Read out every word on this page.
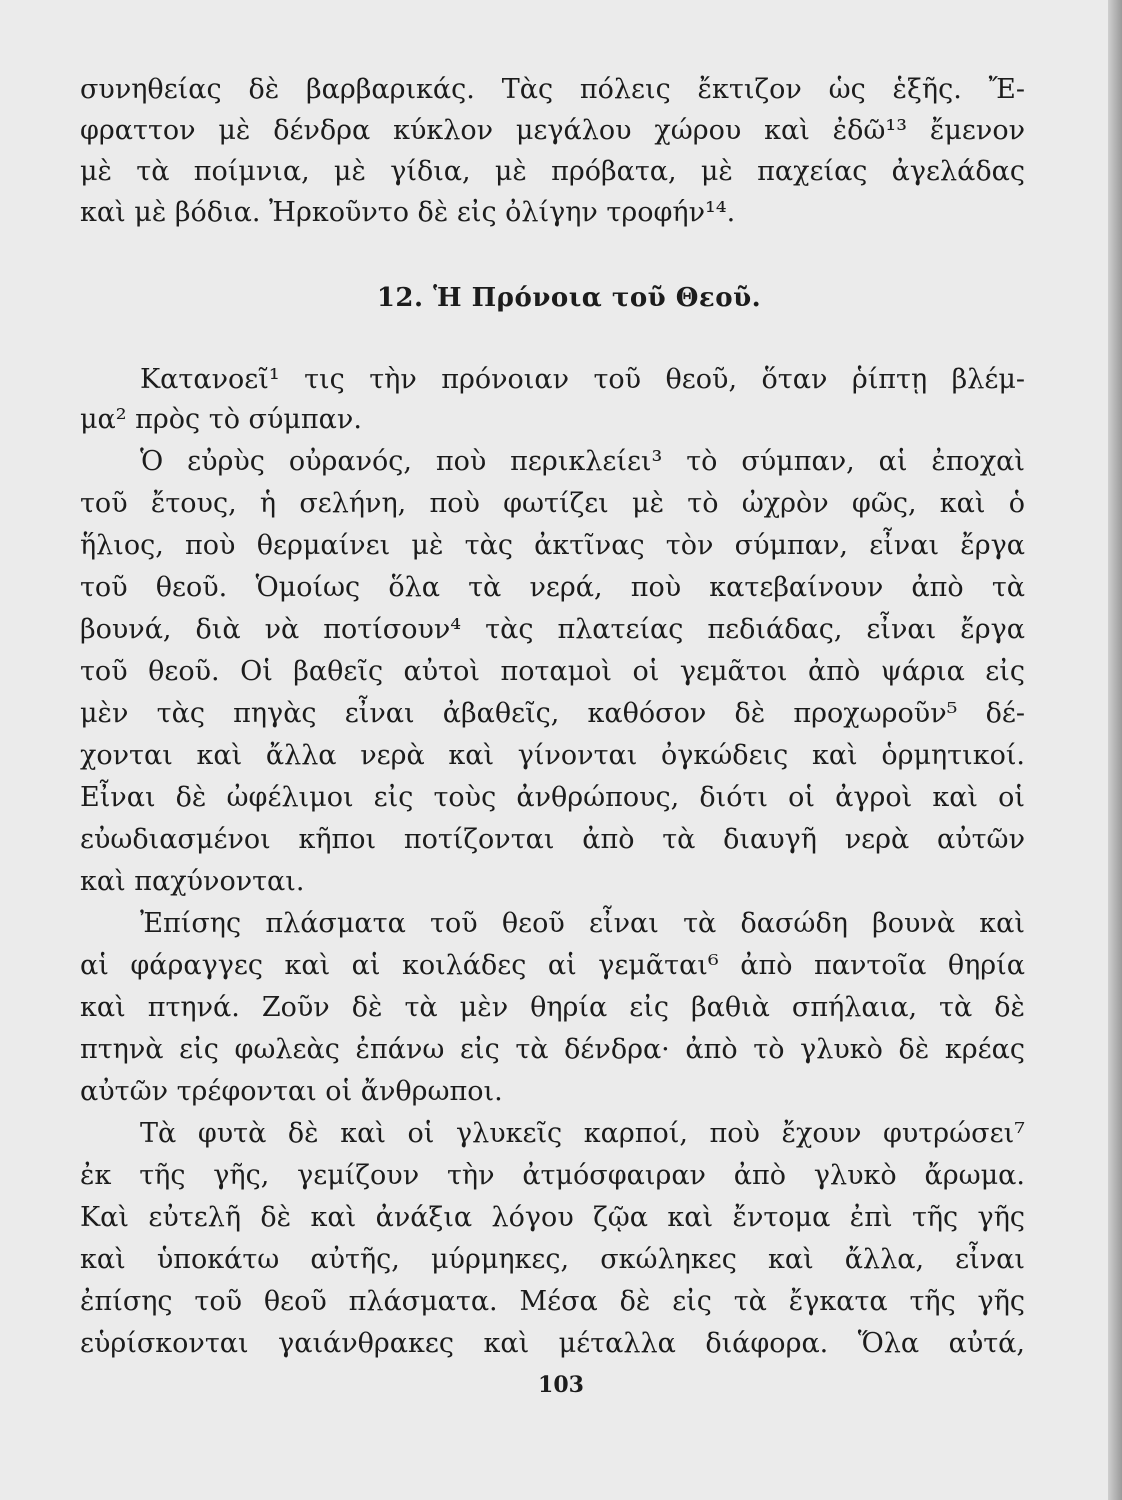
συνηθείας δὲ βαρβαρικάς. Τὰς πόλεις ἔκτιζον ὡς ἑξῆς. Ἔ-

φραττον μὲ δένδρα κύκλον μεγάλου χώρου καὶ ἐδῶ¹³ ἔμενον

μὲ τὰ ποίμνια, μὲ γίδια, μὲ πρόβατα, μὲ παχείας ἀγελάδας

καὶ μὲ βόδια. Ἠρκοῦντο δὲ εἰς ὀλίγην τροφήν¹⁴.

12. Ἡ Πρόνοια τοῦ Θεοῦ.

Κατανοεῖ¹ τις τὴν πρόνοιαν τοῦ θεοῦ, ὅταν ῥίπτῃ βλέμ-

μα² πρὸς τὸ σύμπαν.

Ὁ εὐρὺς οὐρανός, ποὺ περικλείει³ τὸ σύμπαν, αἱ ἐποχαὶ

τοῦ ἔτους, ἡ σελήνη, ποὺ φωτίζει μὲ τὸ ὠχρὸν φῶς, καὶ ὁ

ἥλιος, ποὺ θερμαίνει μὲ τὰς ἀκτῖνας τὸν σύμπαν, εἶναι ἔργα

τοῦ θεοῦ. Ὁμοίως ὅλα τὰ νερά, ποὺ κατεβαίνουν ἀπὸ τὰ

βουνά, διὰ νὰ ποτίσουν⁴ τὰς πλατείας πεδιάδας, εἶναι ἔργα

τοῦ θεοῦ. Οἱ βαθεῖς αὐτοὶ ποταμοὶ οἱ γεμᾶτοι ἀπὸ ψάρια εἰς

μὲν τὰς πηγὰς εἶναι ἀβαθεῖς, καθόσον δὲ προχωροῦν⁵ δέ-

χονται καὶ ἄλλα νερὰ καὶ γίνονται ὀγκώδεις καὶ ὁρμητικοί.

Εἶναι δὲ ὠφέλιμοι εἰς τοὺς ἀνθρώπους, διότι οἱ ἀγροὶ καὶ οἱ

εὐωδιασμένοι κῆποι ποτίζονται ἀπὸ τὰ διαυγῆ νερὰ αὐτῶν

καὶ παχύνονται.

Ἐπίσης πλάσματα τοῦ θεοῦ εἶναι τὰ δασώδη βουνὰ καὶ

αἱ φάραγγες καὶ αἱ κοιλάδες αἱ γεμᾶται⁶ ἀπὸ παντοῖα θηρία

καὶ πτηνά. Ζοῦν δὲ τὰ μὲν θηρία εἰς βαθιὰ σπήλαια, τὰ δὲ

πτηνὰ εἰς φωλεὰς ἐπάνω εἰς τὰ δένδρα· ἀπὸ τὸ γλυκὸ δὲ κρέας

αὐτῶν τρέφονται οἱ ἄνθρωποι.

Τὰ φυτὰ δὲ καὶ οἱ γλυκεῖς καρποί, ποὺ ἔχουν φυτρώσει⁷

ἐκ τῆς γῆς, γεμίζουν τὴν ἀτμόσφαιραν ἀπὸ γλυκὸ ἄρωμα.

Καὶ εὐτελῆ δὲ καὶ ἀνάξια λόγου ζῷα καὶ ἔντομα ἐπὶ τῆς γῆς

καὶ ὑποκάτω αὐτῆς, μύρμηκες, σκώληκες καὶ ἄλλα, εἶναι

ἐπίσης τοῦ θεοῦ πλάσματα. Μέσα δὲ εἰς τὰ ἔγκατα τῆς γῆς

εὑρίσκονται γαιάνθρακες καὶ μέταλλα διάφορα. Ὅλα αὐτά,

103
